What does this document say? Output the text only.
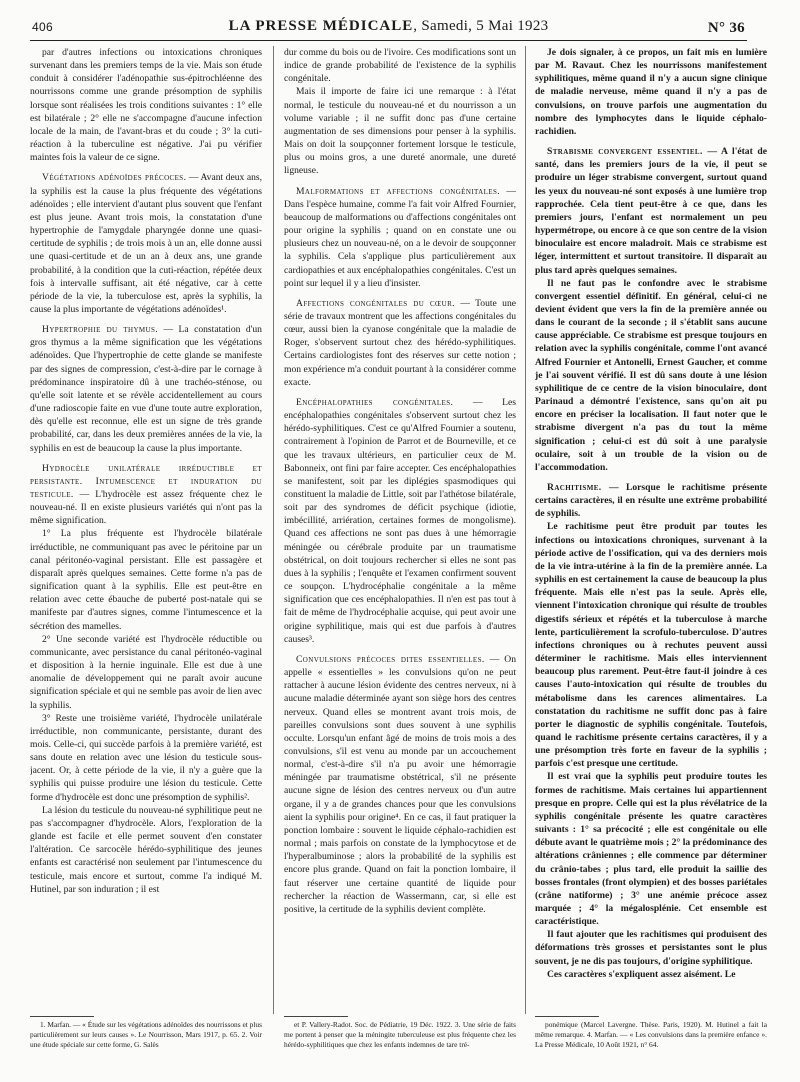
406	LA PRESSE MÉDICALE, Samedi, 5 Mai 1923	N° 36

par d'autres infections ou intoxications chroniques survenant dans les premiers temps de la vie. Mais son étude conduit à considérer l'adénopathie sus-épitrochléenne des nourrissons comme une grande présomption de syphilis lorsque sont réalisées les trois conditions suivantes : 1° elle est bilatérale ; 2° elle ne s'accompagne d'aucune infection locale de la main, de l'avant-bras et du coude ; 3° la cuti-réaction à la tuberculine est négative. J'ai pu vérifier maintes fois la valeur de ce signe.

Végétations adénoïdes précoces. — Avant deux ans, la syphilis est la cause la plus fréquente des végétations adénoïdes ; elle intervient d'autant plus souvent que l'enfant est plus jeune. Avant trois mois, la constatation d'une hypertrophie de l'amygdale pharyngée donne une quasi-certitude de syphilis ; de trois mois à un an, elle donne aussi une quasi-certitude et de un an à deux ans, une grande probabilité, à la condition que la cuti-réaction, répétée deux fois à intervalle suffisant, ait été négative, car à cette période de la vie, la tuberculose est, après la syphilis, la cause la plus importante de végétations adénoïdes¹.

Hypertrophie du thymus. — La constatation d'un gros thymus a la même signification que les végétations adénoïdes. Que l'hypertrophie de cette glande se manifeste par des signes de compression, c'est-à-dire par le cornage à prédominance inspiratoire dû à une trachéo-sténose, ou qu'elle soit latente et se révèle accidentellement au cours d'une radioscopie faite en vue d'une toute autre exploration, dès qu'elle est reconnue, elle est un signe de très grande probabilité, car, dans les deux premières années de la vie, la syphilis en est de beaucoup la cause la plus importante.

Hydrocèle unilatérale irréductible et persistante. Intumescence et induration du testicule. — L'hydrocèle est assez fréquente chez le nouveau-né. Il en existe plusieurs variétés qui n'ont pas la même signification.

1° La plus fréquente est l'hydrocèle bilatérale irréductible, ne communiquant pas avec le péritoine par un canal péritonéo-vaginal persistant. Elle est passagère et disparaît après quelques semaines. Cette forme n'a pas de signification quant à la syphilis. Elle est peut-être en relation avec cette ébauche de puberté post-natale qui se manifeste par d'autres signes, comme l'intumescence et la sécrétion des mamelles.

2° Une seconde variété est l'hydrocèle réductible ou communicante, avec persistance du canal péritonéo-vaginal et disposition à la hernie inguinale. Elle est due à une anomalie de développement qui ne paraît avoir aucune signification spéciale et qui ne semble pas avoir de lien avec la syphilis.

3° Reste une troisième variété, l'hydrocèle unilatérale irréductible, non communicante, persistante, durant des mois. Celle-ci, qui succède parfois à la première variété, est sans doute en relation avec une lésion du testicule sous-jacent. Or, à cette période de la vie, il n'y a guère que la syphilis qui puisse produire une lésion du testicule. Cette forme d'hydrocèle est donc une présomption de syphilis².

La lésion du testicule du nouveau-né syphilitique peut ne pas s'accompagner d'hydrocèle. Alors, l'exploration de la glande est facile et elle permet souvent d'en constater l'altération. Ce sarcocèle hérédo-syphilitique des jeunes enfants est caractérisé non seulement par l'intumescence du testicule, mais encore et surtout, comme l'a indiqué M. Hutinel, par son induration ; il est

dur comme du bois ou de l'ivoire. Ces modifications sont un indice de grande probabilité de l'existence de la syphilis congénitale.

Mais il importe de faire ici une remarque : à l'état normal, le testicule du nouveau-né et du nourrisson a un volume variable ; il ne suffit donc pas d'une certaine augmentation de ses dimensions pour penser à la syphilis. Mais on doit la soupçonner fortement lorsque le testicule, plus ou moins gros, a une dureté anormale, une dureté ligneuse.

Malformations et affections congénitales. — Dans l'espèce humaine, comme l'a fait voir Alfred Fournier, beaucoup de malformations ou d'affections congénitales ont pour origine la syphilis ; quand on en constate une ou plusieurs chez un nouveau-né, on a le devoir de soupçonner la syphilis. Cela s'applique plus particulièrement aux cardiopathies et aux encéphalopathies congénitales. C'est un point sur lequel il y a lieu d'insister.

Affections congénitales du cœur. — Toute une série de travaux montrent que les affections congénitales du cœur, aussi bien la cyanose congénitale que la maladie de Roger, s'observent surtout chez des hérédo-syphilitiques. Certains cardiologistes font des réserves sur cette notion ; mon expérience m'a conduit pourtant à la considérer comme exacte.

Encéphalopathies congénitales. — Les encéphalopathies congénitales s'observent surtout chez les hérédo-syphilitiques. C'est ce qu'Alfred Fournier a soutenu, contrairement à l'opinion de Parrot et de Bourneville, et ce que les travaux ultérieurs, en particulier ceux de M. Babonneix, ont fini par faire accepter. Ces encéphalopathies se manifestent, soit par les diplégies spasmodiques qui constituent la maladie de Little, soit par l'athétose bilatérale, soit par des syndromes de déficit psychique (idiotie, imbécillité, arriération, certaines formes de mongolisme). Quand ces affections ne sont pas dues à une hémorragie méningée ou cérébrale produite par un traumatisme obstétrical, on doit toujours rechercher si elles ne sont pas dues à la syphilis ; l'enquête et l'examen confirment souvent ce soupçon. L'hydrocéphalie congénitale a la même signification que ces encéphalopathies. Il n'en est pas tout à fait de même de l'hydrocéphalie acquise, qui peut avoir une origine syphilitique, mais qui est due parfois à d'autres causes³.

Convulsions précoces dites essentielles. — On appelle « essentielles » les convulsions qu'on ne peut rattacher à aucune lésion évidente des centres nerveux, ni à aucune maladie déterminée ayant son siège hors des centres nerveux. Quand elles se montrent avant trois mois, de pareilles convulsions sont dues souvent à une syphilis occulte. Lorsqu'un enfant âgé de moins de trois mois a des convulsions, s'il est venu au monde par un accouchement normal, c'est-à-dire s'il n'a pu avoir une hémorragie méningée par traumatisme obstétrical, s'il ne présente aucune signe de lésion des centres nerveux ou d'un autre organe, il y a de grandes chances pour que les convulsions aient la syphilis pour origine⁴. En ce cas, il faut pratiquer la ponction lombaire : souvent le liquide céphalo-rachidien est normal ; mais parfois on constate de la lymphocytose et de l'hyperalbuminose ; alors la probabilité de la syphilis est encore plus grande. Quand on fait la ponction lombaire, il faut réserver une certaine quantité de liquide pour rechercher la réaction de Wassermann, car, si elle est positive, la certitude de la syphilis devient complète.

Je dois signaler, à ce propos, un fait mis en lumière par M. Ravaut. Chez les nourrissons manifestement syphilitiques, même quand il n'y a aucun signe clinique de maladie nerveuse, même quand il n'y a pas de convulsions, on trouve parfois une augmentation du nombre des lymphocytes dans le liquide céphalo-rachidien.

Strabisme convergent essentiel. — A l'état de santé, dans les premiers jours de la vie, il peut se produire un léger strabisme convergent, surtout quand les yeux du nouveau-né sont exposés à une lumière trop rapprochée. Cela tient peut-être à ce que, dans les premiers jours, l'enfant est normalement un peu hypermétrope, ou encore à ce que son centre de la vision binoculaire est encore maladroit. Mais ce strabisme est léger, intermittent et surtout transitoire. Il disparaît au plus tard après quelques semaines.

Il ne faut pas le confondre avec le strabisme convergent essentiel définitif. En général, celui-ci ne devient évident que vers la fin de la première année ou dans le courant de la seconde ; il s'établit sans aucune cause appréciable. Ce strabisme est presque toujours en relation avec la syphilis congénitale, comme l'ont avancé Alfred Fournier et Antonelli, Ernest Gaucher, et comme je l'ai souvent vérifié. Il est dû sans doute à une lésion syphilitique de ce centre de la vision binoculaire, dont Parinaud a démontré l'existence, sans qu'on ait pu encore en préciser la localisation. Il faut noter que le strabisme divergent n'a pas du tout la même signification ; celui-ci est dû soit à une paralysie oculaire, soit à un trouble de la vision ou de l'accommodation.

Rachitisme. — Lorsque le rachitisme présente certains caractères, il en résulte une extrême probabilité de syphilis.

Le rachitisme peut être produit par toutes les infections ou intoxications chroniques, survenant à la période active de l'ossification, qui va des derniers mois de la vie intra-utérine à la fin de la première année. La syphilis en est certainement la cause de beaucoup la plus fréquente. Mais elle n'est pas la seule. Après elle, viennent l'intoxication chronique qui résulte de troubles digestifs sérieux et répétés et la tuberculose à marche lente, particulièrement la scrofulo-tuberculose. D'autres infections chroniques ou à rechutes peuvent aussi déterminer le rachitisme. Mais elles interviennent beaucoup plus rarement. Peut-être faut-il joindre à ces causes l'auto-intoxication qui résulte de troubles du métabolisme dans les carences alimentaires. La constatation du rachitisme ne suffit donc pas à faire porter le diagnostic de syphilis congénitale. Toutefois, quand le rachitisme présente certains caractères, il y a une présomption très forte en faveur de la syphilis ; parfois c'est presque une certitude.

Il est vrai que la syphilis peut produire toutes les formes de rachitisme. Mais certaines lui appartiennent presque en propre. Celle qui est la plus révélatrice de la syphilis congénitale présente les quatre caractères suivants : 1° sa précocité ; elle est congénitale ou elle débute avant le quatrième mois ; 2° la prédominance des altérations crâniennes ; elle commence par déterminer du crânio-tabes ; plus tard, elle produit la saillie des bosses frontales (front olympien) et des bosses pariétales (crâne natiforme) ; 3° une anémie précoce assez marquée ; 4° la mégalosplénie. Cet ensemble est caractéristique.

Il faut ajouter que les rachitismes qui produisent des déformations très grosses et persistantes sont le plus souvent, je ne dis pas toujours, d'origine syphilitique.

Ces caractères s'expliquent assez aisément. Le

1. Marfan. — « Étude sur les végétations adénoïdes des nourrissons et plus particulièrement sur leurs causes ». Le Nourrisson, Mars 1917, p. 65. 2. Voir une étude spéciale sur cette forme, G. Salès

et P. Vallery-Radot. Soc. de Pédiatrie, 19 Déc. 1922. 3. Une série de faits me portent à penser que la méningite tuberculeuse est plus fréquente chez les hérédo-syphilitiques que chez les enfants indemnes de tare tré-

ponémique (Marcel Lavergne. Thèse. Paris, 1920). M. Hutinel a fait la même remarque. 4. Marfan. — « Les convulsions dans la première enfance ». La Presse Médicale, 10 Août 1921, n° 64.
